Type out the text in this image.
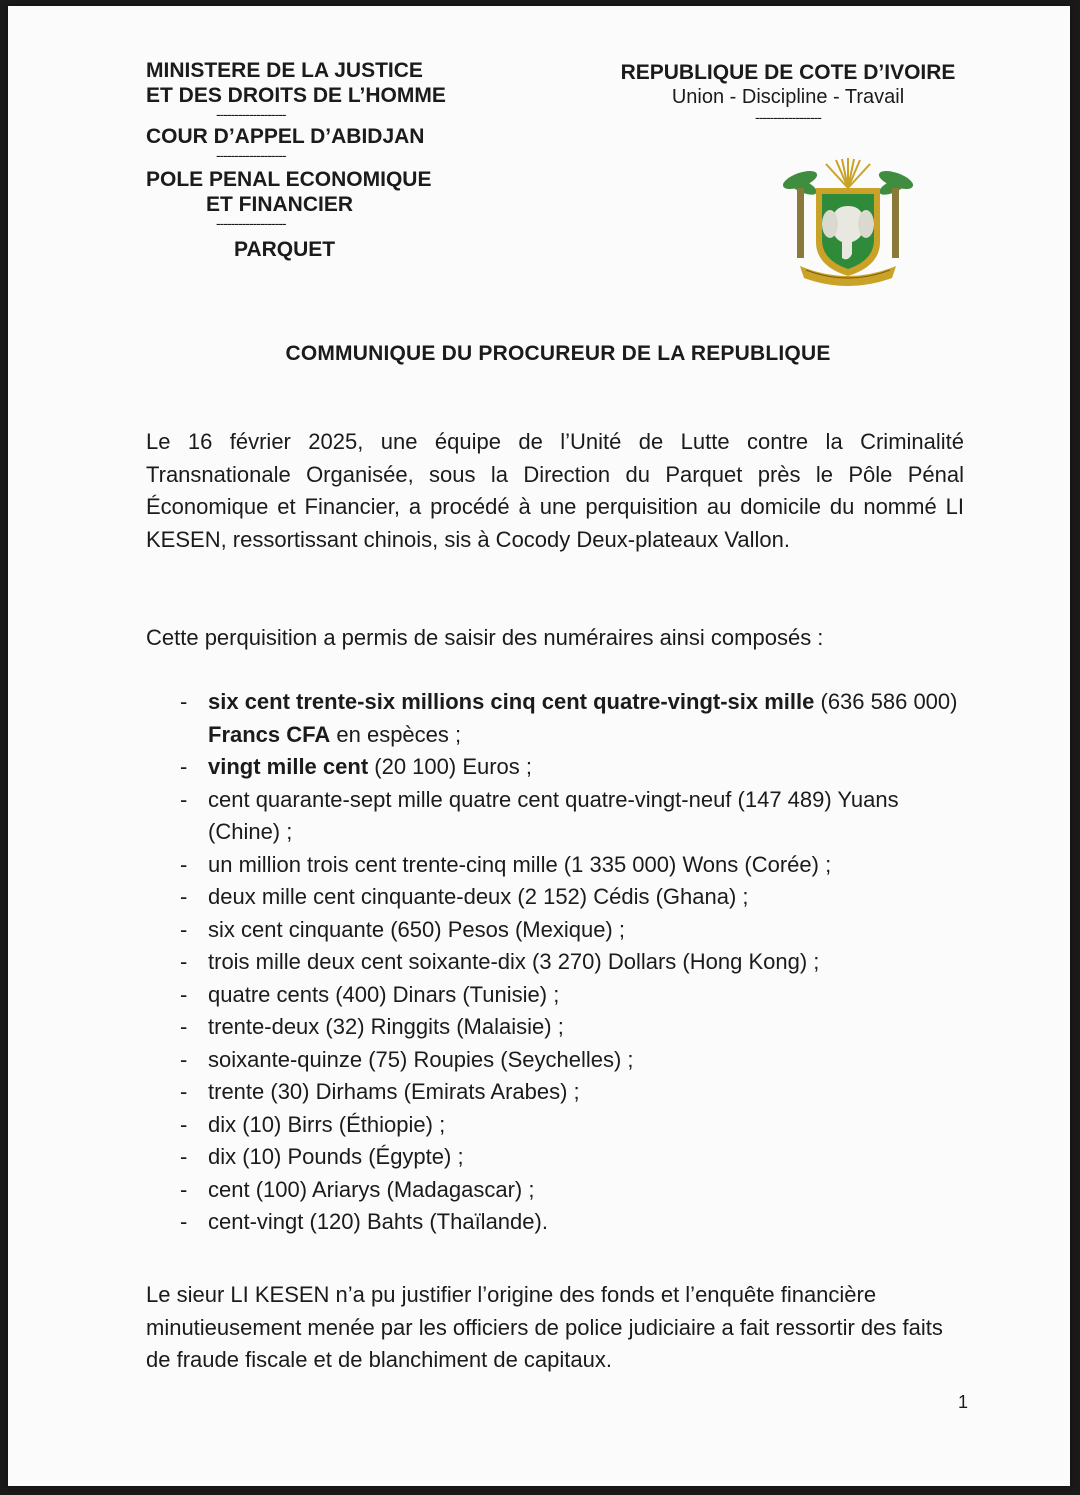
MINISTERE DE LA JUSTICE
ET DES DROITS DE L’HOMME
-------------------
COUR D’APPEL D’ABIDJAN
-------------------
POLE PENAL ECONOMIQUE
ET FINANCIER
-------------------
PARQUET
REPUBLIQUE DE COTE D’IVOIRE
Union - Discipline - Travail
------------------
COMMUNIQUE DU PROCUREUR DE LA REPUBLIQUE
Le 16 février 2025, une équipe de l’Unité de Lutte contre la Criminalité Transnationale Organisée, sous la Direction du Parquet près le Pôle Pénal Économique et Financier, a procédé à une perquisition au domicile du nommé LI KESEN, ressortissant chinois, sis à Cocody Deux-plateaux Vallon.
Cette perquisition a permis de saisir des numéraires ainsi composés :
- six cent trente-six millions cinq cent quatre-vingt-six mille (636 586 000) Francs CFA en espèces ;
- vingt mille cent (20 100) Euros ;
- cent quarante-sept mille quatre cent quatre-vingt-neuf (147 489) Yuans (Chine) ;
- un million trois cent trente-cinq mille (1 335 000) Wons (Corée) ;
- deux mille cent cinquante-deux (2 152) Cédis (Ghana) ;
- six cent cinquante (650) Pesos (Mexique) ;
- trois mille deux cent soixante-dix (3 270) Dollars (Hong Kong) ;
- quatre cents (400) Dinars (Tunisie) ;
- trente-deux (32) Ringgits (Malaisie) ;
- soixante-quinze (75) Roupies (Seychelles) ;
- trente (30) Dirhams (Emirats Arabes) ;
- dix (10) Birrs (Éthiopie) ;
- dix (10) Pounds (Égypte) ;
- cent (100) Ariarys (Madagascar) ;
- cent-vingt (120) Bahts (Thaïlande).
Le sieur LI KESEN n’a pu justifier l’origine des fonds et l’enquête financière minutieusement menée par les officiers de police judiciaire a fait ressortir des faits de fraude fiscale et de blanchiment de capitaux.
1
